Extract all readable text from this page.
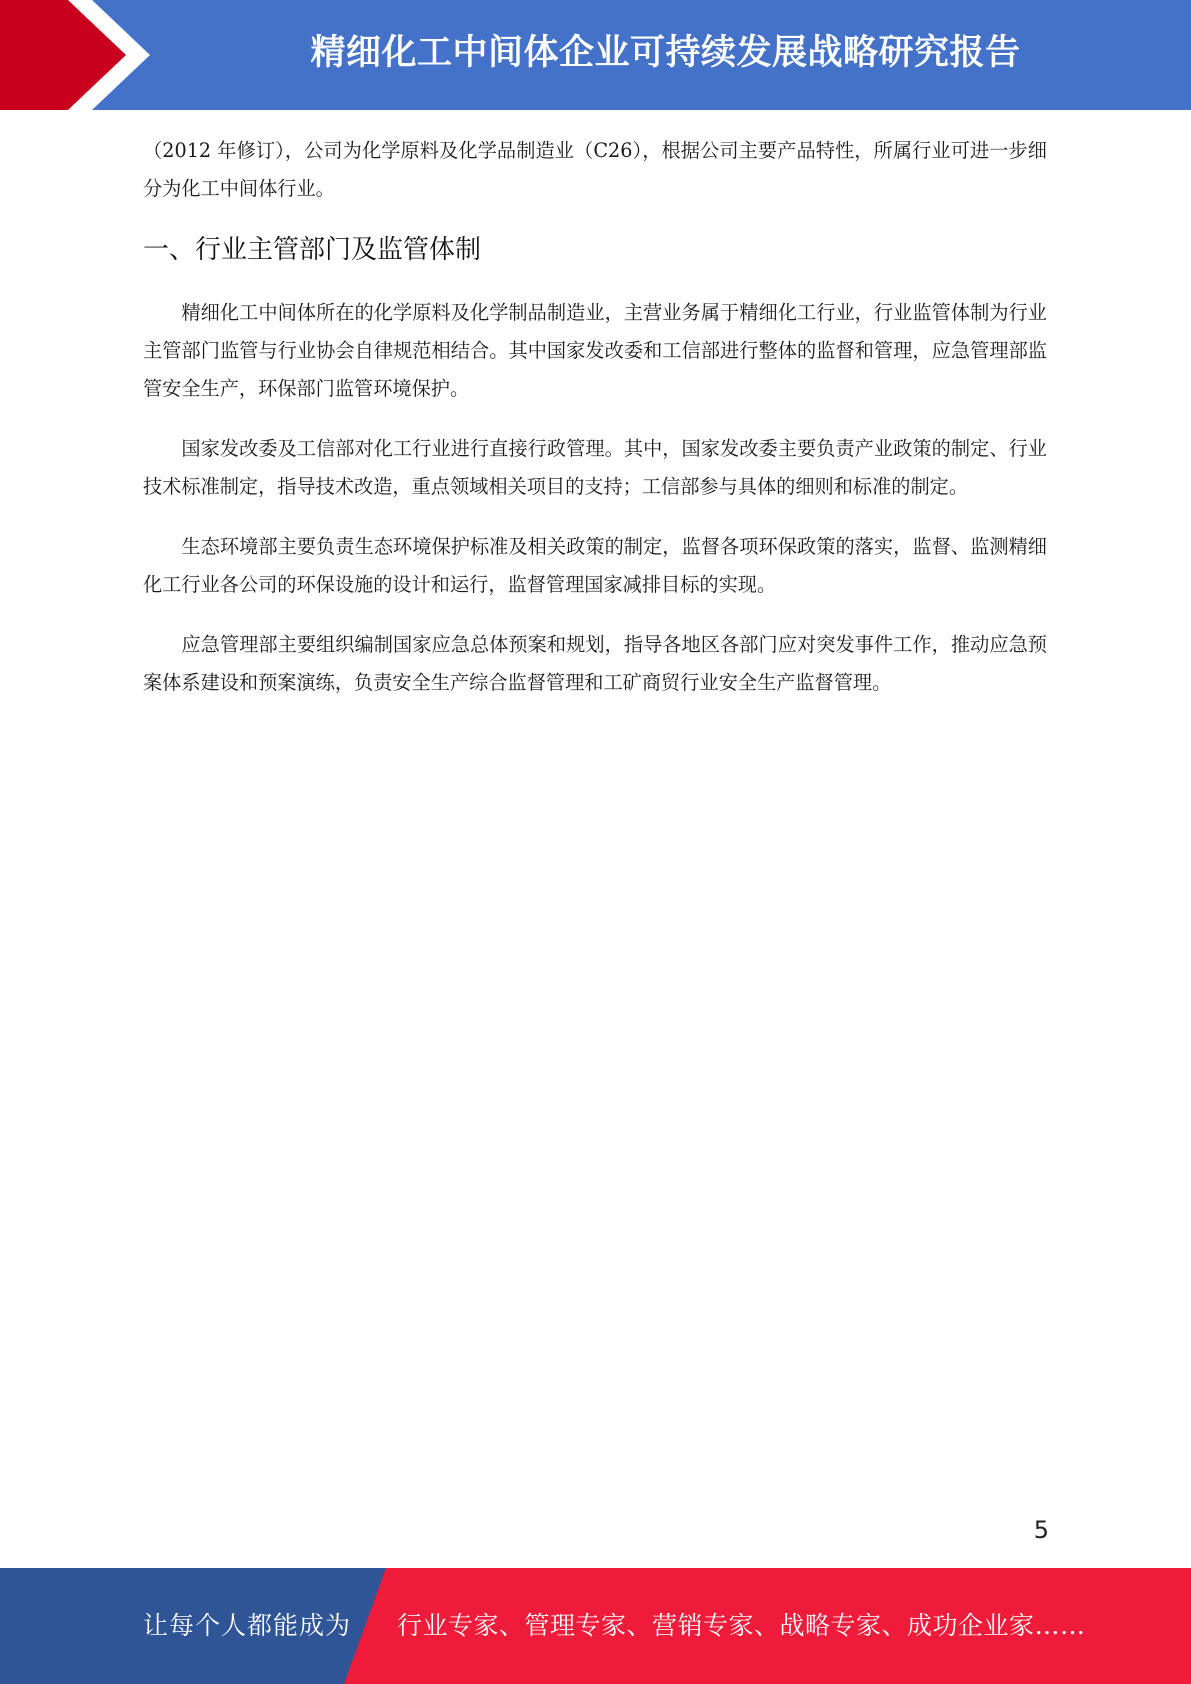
精细化工中间体企业可持续发展战略研究报告

（2012 年修订），公司为化学原料及化学品制造业（C26），根据公司主要产品特性，所属行业可进一步细分为化工中间体行业。

一、行业主管部门及监管体制

精细化工中间体所在的化学原料及化学制品制造业，主营业务属于精细化工行业，行业监管体制为行业主管部门监管与行业协会自律规范相结合。其中国家发改委和工信部进行整体的监督和管理，应急管理部监管安全生产，环保部门监管环境保护。

国家发改委及工信部对化工行业进行直接行政管理。其中，国家发改委主要负责产业政策的制定、行业技术标准制定，指导技术改造，重点领域相关项目的支持；工信部参与具体的细则和标准的制定。

生态环境部主要负责生态环境保护标准及相关政策的制定，监督各项环保政策的落实，监督、监测精细化工行业各公司的环保设施的设计和运行，监督管理国家减排目标的实现。

应急管理部主要组织编制国家应急总体预案和规划，指导各地区各部门应对突发事件工作，推动应急预案体系建设和预案演练，负责安全生产综合监督管理和工矿商贸行业安全生产监督管理。

5
让每个人都能成为 行业专家、管理专家、营销专家、战略专家、成功企业家……
